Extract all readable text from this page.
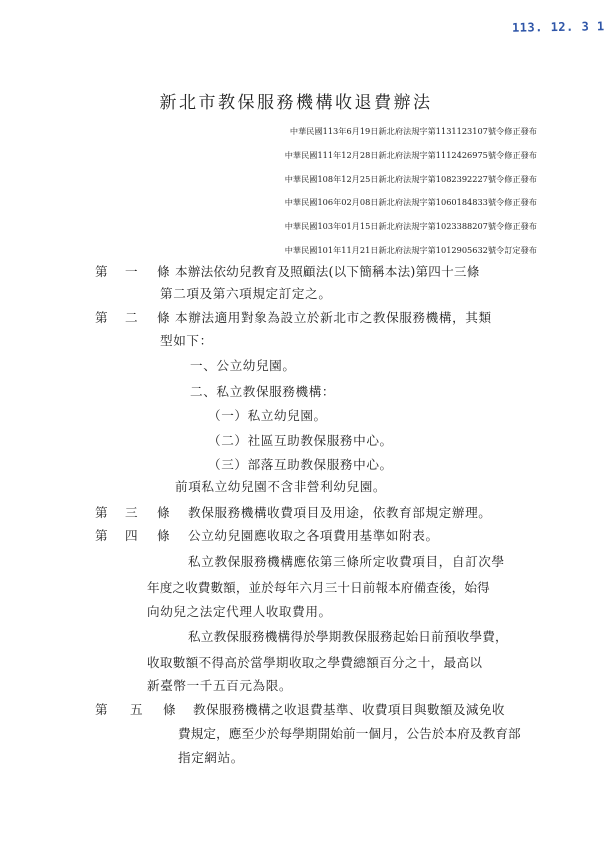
113. 12. 3 1
新北市教保服務機構收退費辦法
中華民國113年6月19日新北府法規字第1131123107號令修正發布
中華民國111年12月28日新北府法規字第1112426975號令修正發布
中華民國108年12月25日新北府法規字第1082392227號令修正發布
中華民國106年02月08日新北府法規字第1060184833號令修正發布
中華民國103年01月15日新北府法規字第1023388207號令修正發布
中華民國101年11月21日新北府法規字第1012905632號令訂定發布
第 一 條 本辦法依幼兒教育及照顧法(以下簡稱本法)第四十三條
第二項及第六項規定訂定之。
第 二 條 本辦法適用對象為設立於新北市之教保服務機構，其類
型如下：
一、公立幼兒園。
二、私立教保服務機構：
（一）私立幼兒園。
（二）社區互助教保服務中心。
（三）部落互助教保服務中心。
前項私立幼兒園不含非營利幼兒園。
第 三 條 教保服務機構收費項目及用途，依教育部規定辦理。
第 四 條 公立幼兒園應收取之各項費用基準如附表。
私立教保服務機構應依第三條所定收費項目，自訂次學
年度之收費數額，並於每年六月三十日前報本府備查後，始得
向幼兒之法定代理人收取費用。
私立教保服務機構得於學期教保服務起始日前預收學費，
收取數額不得高於當學期收取之學費總額百分之十，最高以
新臺幣一千五百元為限。
第 五 條 教保服務機構之收退費基準、收費項目與數額及減免收
費規定，應至少於每學期開始前一個月，公告於本府及教育部
指定網站。
